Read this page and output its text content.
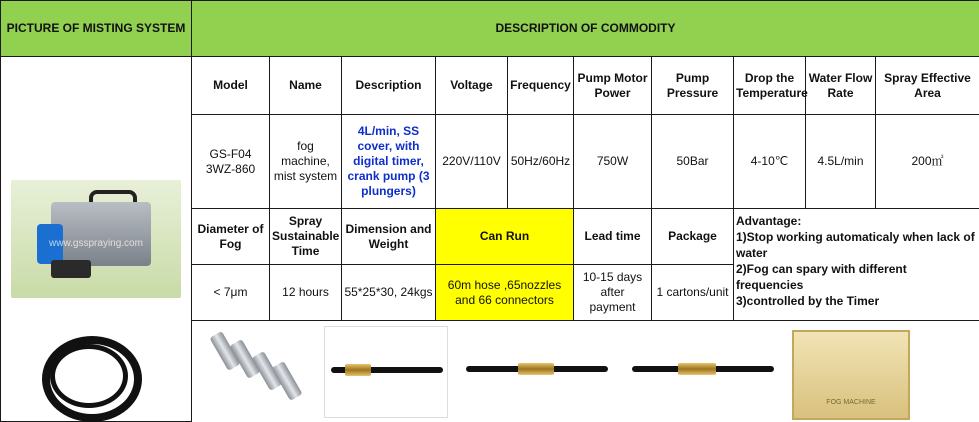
PICTURE OF MISTING SYSTEM	DESCRIPTION OF COMMODITY									

www.gsspraying.com	Model	Name	Description	Voltage	Frequency	Pump Motor Power	Pump Pressure	Drop the Temperature	Water Flow Rate	Spray Effective Area
	GS-F04 3WZ-860	fog machine, mist system	4L/min, SS cover, with digital timer, crank pump (3 plungers)	220V/110V	50Hz/60Hz	750W	50Bar	4-10℃	4.5L/min	200㎡
	Diameter of Fog	Spray Sustainable Time	Dimension and Weight	Can Run		Lead time	Package	Advantage:
1)Stop working automaticaly when lack of water
2)Fog can spary with different frequencies
3)controlled by the Timer		

	< 7μm	12 hours	55*25*30, 24kgs	60m hose ,65nozzles and 66 connectors		10-15 days after payment	1 cartons/unit			

FOG MACHINE
